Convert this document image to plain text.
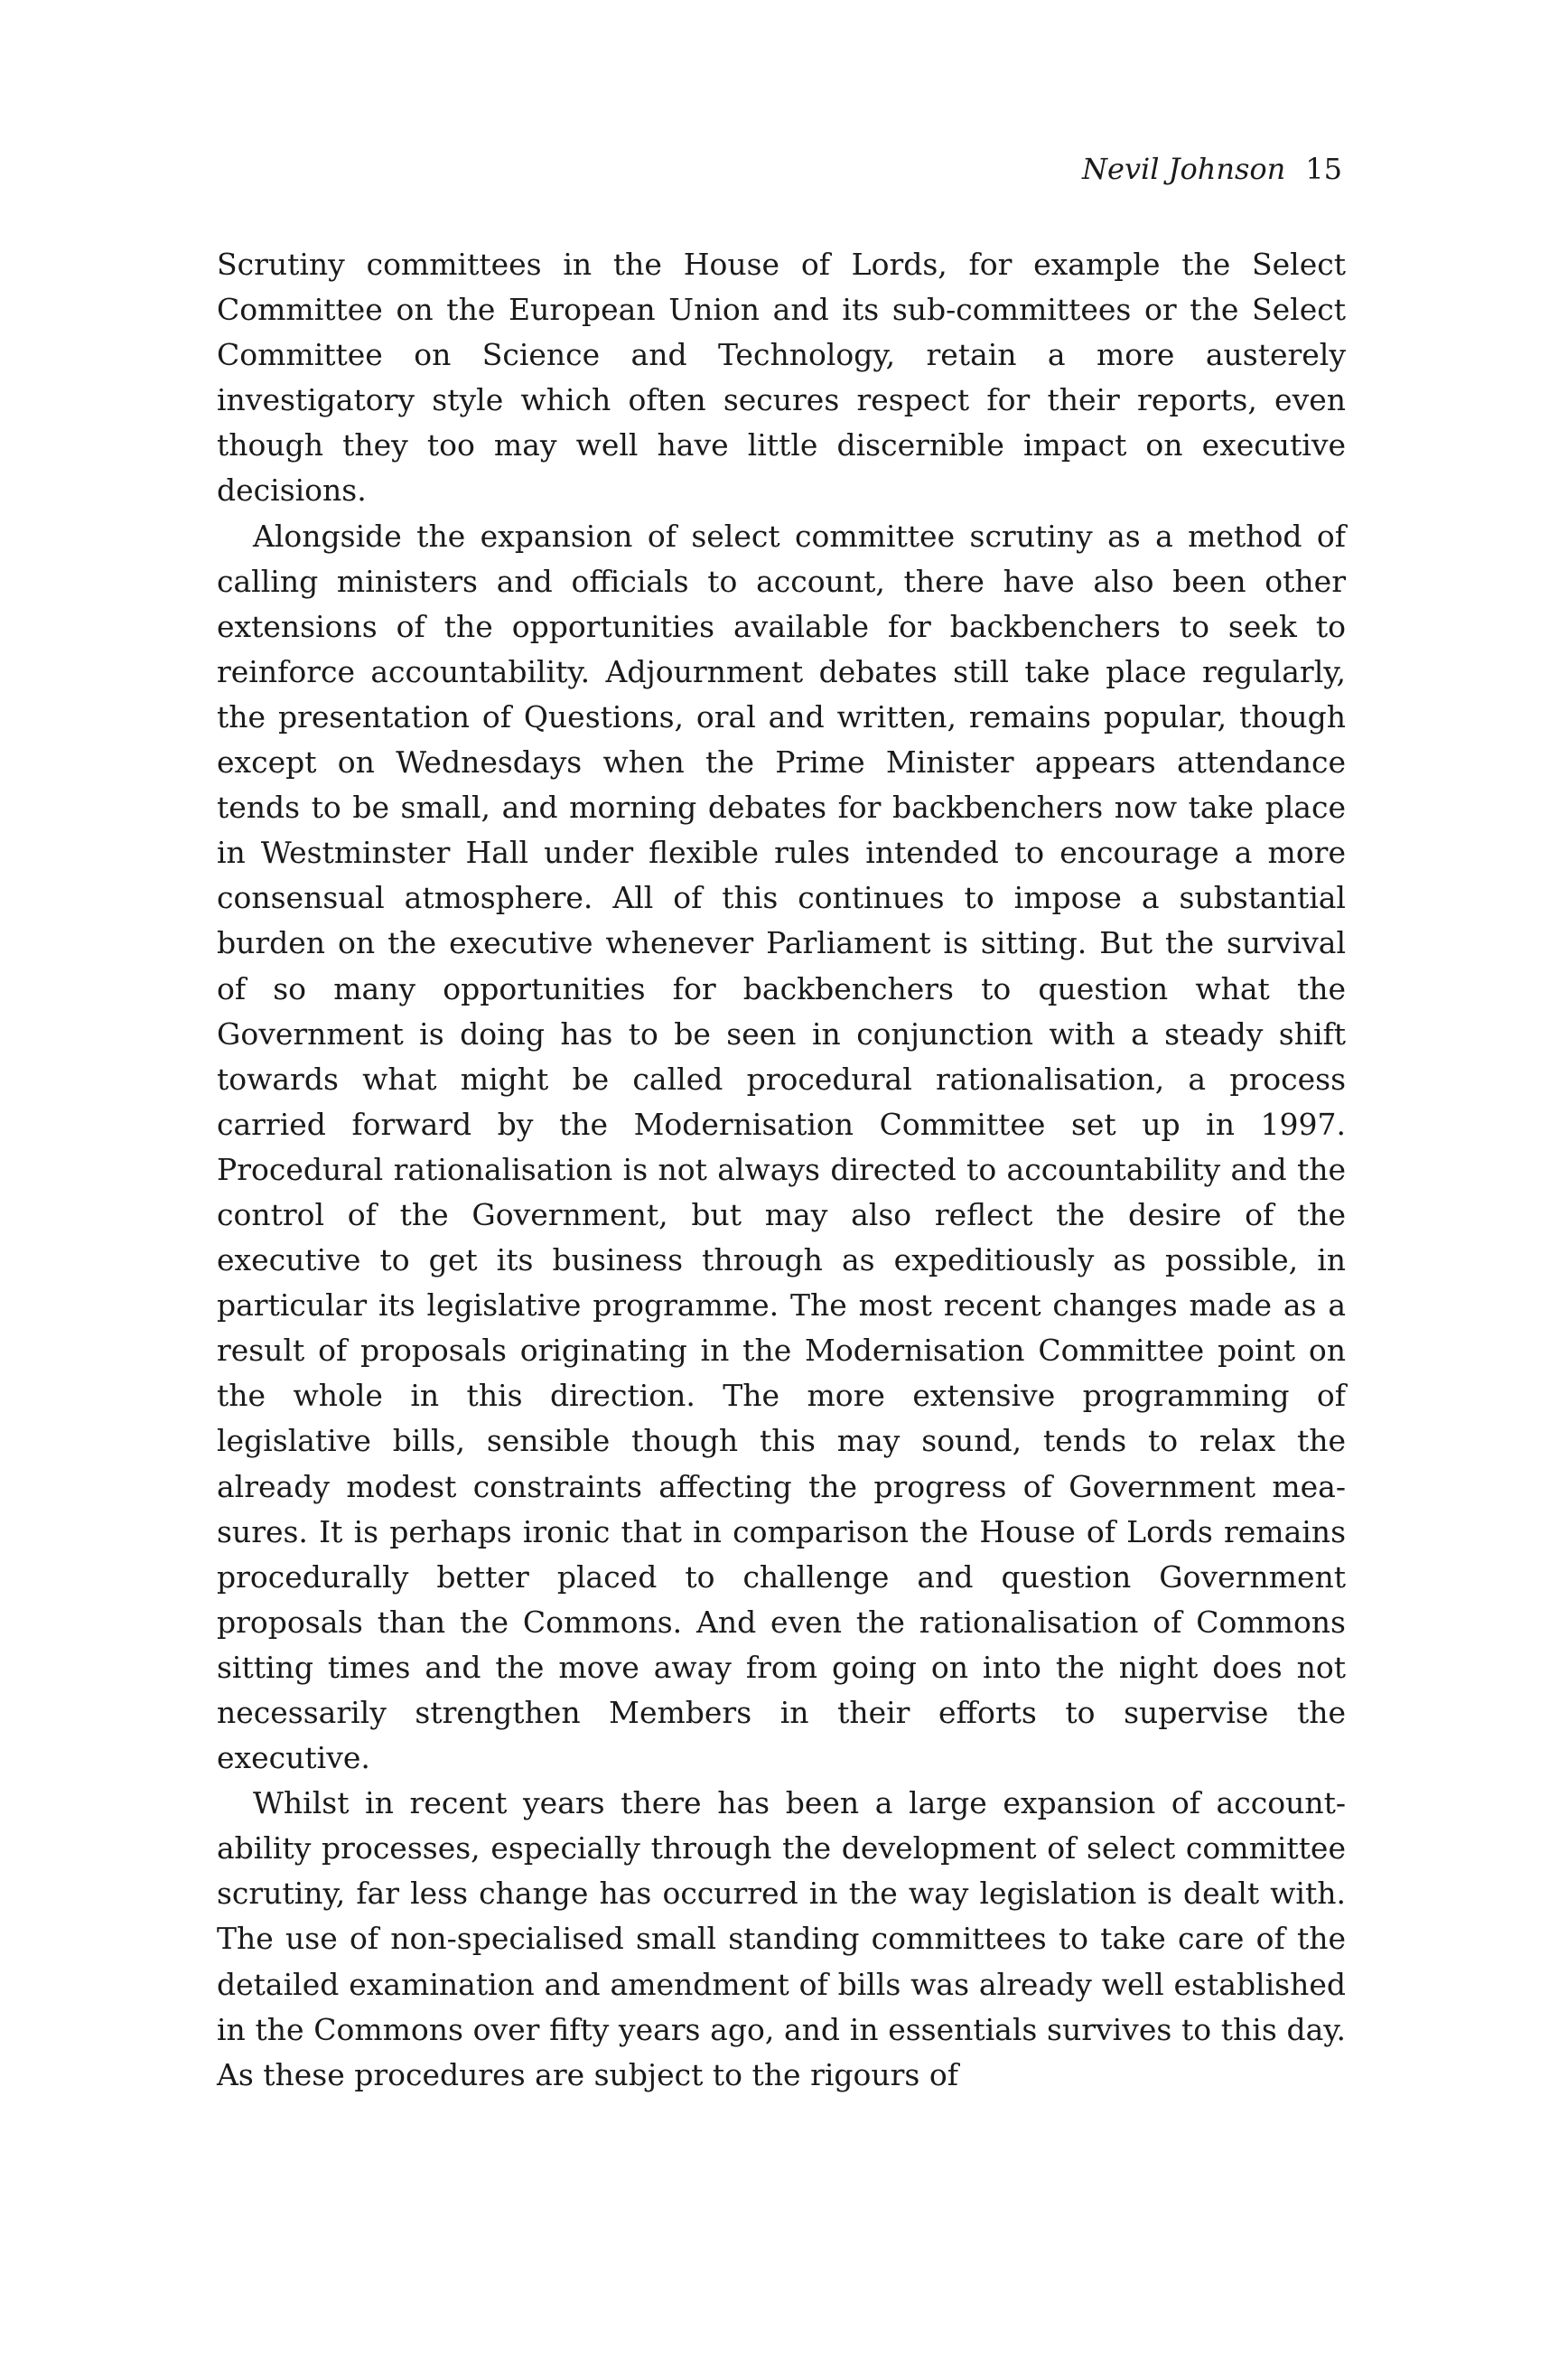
Nevil Johnson 15

Scrutiny committees in the House of Lords, for example the Select Committee on the European Union and its sub-committees or the Select Committee on Science and Technology, retain a more austerely investigatory style which often secures respect for their reports, even though they too may well have little discernible impact on executive decisions.

Alongside the expansion of select committee scrutiny as a method of calling ministers and officials to account, there have also been other extensions of the opportunities available for backbenchers to seek to reinforce accountability. Adjournment debates still take place regularly, the presentation of Questions, oral and written, remains popular, though except on Wednesdays when the Prime Minister appears attendance tends to be small, and morning debates for backbenchers now take place in Westminster Hall under flexible rules intended to encourage a more consensual atmosphere. All of this continues to impose a substantial burden on the executive whenever Parliament is sitting. But the survival of so many opportunities for backbenchers to question what the Government is doing has to be seen in conjunction with a steady shift towards what might be called procedural rationalisation, a process carried forward by the Modernisation Committee set up in 1997. Procedural rationalisation is not always directed to accountability and the control of the Government, but may also reflect the desire of the executive to get its business through as expeditiously as possible, in particular its legislative programme. The most recent changes made as a result of proposals originating in the Modernisation Committee point on the whole in this direction. The more extensive programming of legislative bills, sensible though this may sound, tends to relax the already modest constraints affecting the progress of Government measures. It is perhaps ironic that in comparison the House of Lords remains procedurally better placed to challenge and question Government proposals than the Commons. And even the rationalisation of Commons sitting times and the move away from going on into the night does not necessarily strengthen Members in their efforts to supervise the executive.

Whilst in recent years there has been a large expansion of accountability processes, especially through the development of select committee scrutiny, far less change has occurred in the way legislation is dealt with. The use of non-specialised small standing committees to take care of the detailed examination and amendment of bills was already well established in the Commons over fifty years ago, and in essentials survives to this day. As these procedures are subject to the rigours of
